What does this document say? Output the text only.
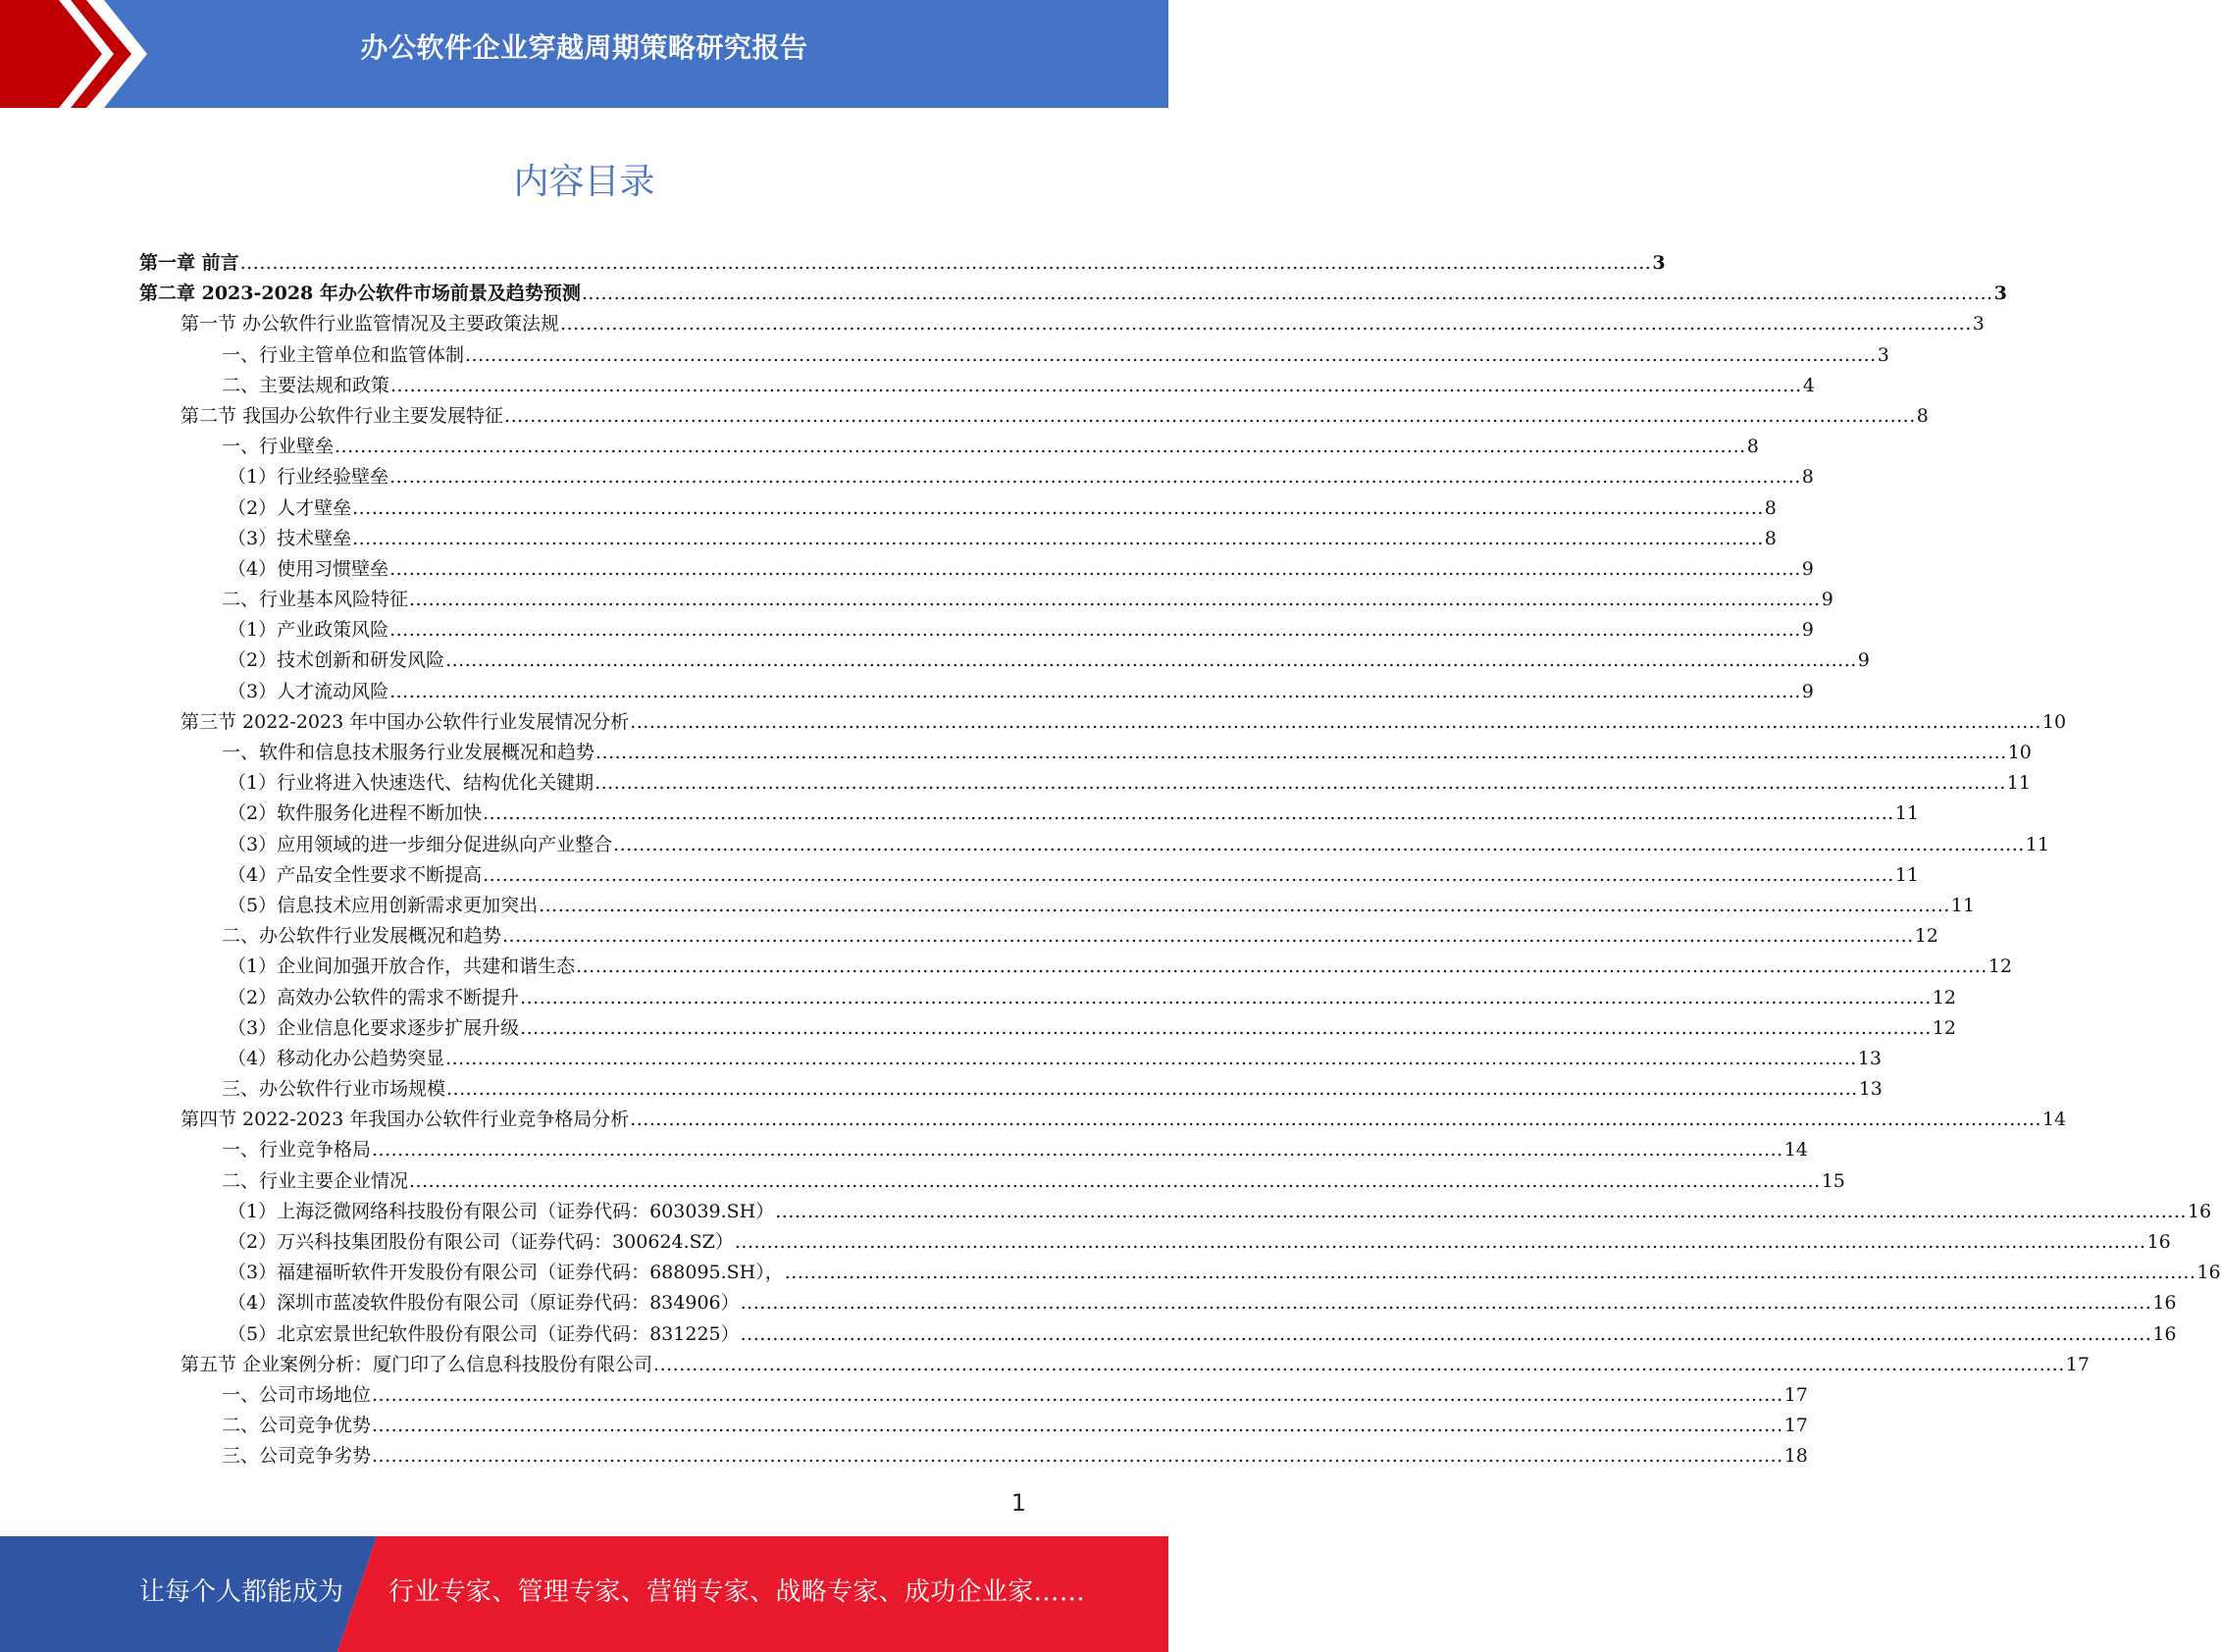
办公软件企业穿越周期策略研究报告
内容目录
第一章 前言 ............................................................................................................................................................................................................................ 3
第二章 2023-2028 年办公软件市场前景及趋势预测 ............................................................................................................................................................................................................................ 3
第一节 办公软件行业监管情况及主要政策法规 ............................................................................................................................................................................................................................ 3
一、行业主管单位和监管体制 ............................................................................................................................................................................................................................ 3
二、主要法规和政策 ............................................................................................................................................................................................................................ 4
第二节 我国办公软件行业主要发展特征 ............................................................................................................................................................................................................................ 8
一、行业壁垒 ............................................................................................................................................................................................................................ 8
（1）行业经验壁垒 ............................................................................................................................................................................................................................ 8
（2）人才壁垒 ............................................................................................................................................................................................................................ 8
（3）技术壁垒 ............................................................................................................................................................................................................................ 8
（4）使用习惯壁垒 ............................................................................................................................................................................................................................ 9
二、行业基本风险特征 ............................................................................................................................................................................................................................ 9
（1）产业政策风险 ............................................................................................................................................................................................................................ 9
（2）技术创新和研发风险 ............................................................................................................................................................................................................................ 9
（3）人才流动风险 ............................................................................................................................................................................................................................ 9
第三节 2022-2023 年中国办公软件行业发展情况分析 ............................................................................................................................................................................................................................ 10
一、软件和信息技术服务行业发展概况和趋势 ............................................................................................................................................................................................................................ 10
（1）行业将进入快速迭代、结构优化关键期 ............................................................................................................................................................................................................................ 11
（2）软件服务化进程不断加快 ............................................................................................................................................................................................................................ 11
（3）应用领域的进一步细分促进纵向产业整合 ............................................................................................................................................................................................................................ 11
（4）产品安全性要求不断提高 ............................................................................................................................................................................................................................ 11
（5）信息技术应用创新需求更加突出 ............................................................................................................................................................................................................................ 11
二、办公软件行业发展概况和趋势 ............................................................................................................................................................................................................................ 12
（1）企业间加强开放合作，共建和谐生态 ............................................................................................................................................................................................................................ 12
（2）高效办公软件的需求不断提升 ............................................................................................................................................................................................................................ 12
（3）企业信息化要求逐步扩展升级 ............................................................................................................................................................................................................................ 12
（4）移动化办公趋势突显 ............................................................................................................................................................................................................................ 13
三、办公软件行业市场规模 ............................................................................................................................................................................................................................ 13
第四节 2022-2023 年我国办公软件行业竞争格局分析 ............................................................................................................................................................................................................................ 14
一、行业竞争格局 ............................................................................................................................................................................................................................ 14
二、行业主要企业情况 ............................................................................................................................................................................................................................ 15
（1）上海泛微网络科技股份有限公司（证券代码：603039.SH） ............................................................................................................................................................................................................................ 16
（2）万兴科技集团股份有限公司（证券代码：300624.SZ） ............................................................................................................................................................................................................................ 16
（3）福建福昕软件开发股份有限公司（证券代码：688095.SH）， ............................................................................................................................................................................................................................ 16
（4）深圳市蓝凌软件股份有限公司（原证券代码：834906） ............................................................................................................................................................................................................................ 16
（5）北京宏景世纪软件股份有限公司（证券代码：831225） ............................................................................................................................................................................................................................ 16
第五节 企业案例分析：厦门印了么信息科技股份有限公司 ............................................................................................................................................................................................................................ 17
一、公司市场地位 ............................................................................................................................................................................................................................ 17
二、公司竞争优势 ............................................................................................................................................................................................................................ 17
三、公司竞争劣势 ............................................................................................................................................................................................................................ 18
1
让每个人都能成为 行业专家、管理专家、营销专家、战略专家、成功企业家……
